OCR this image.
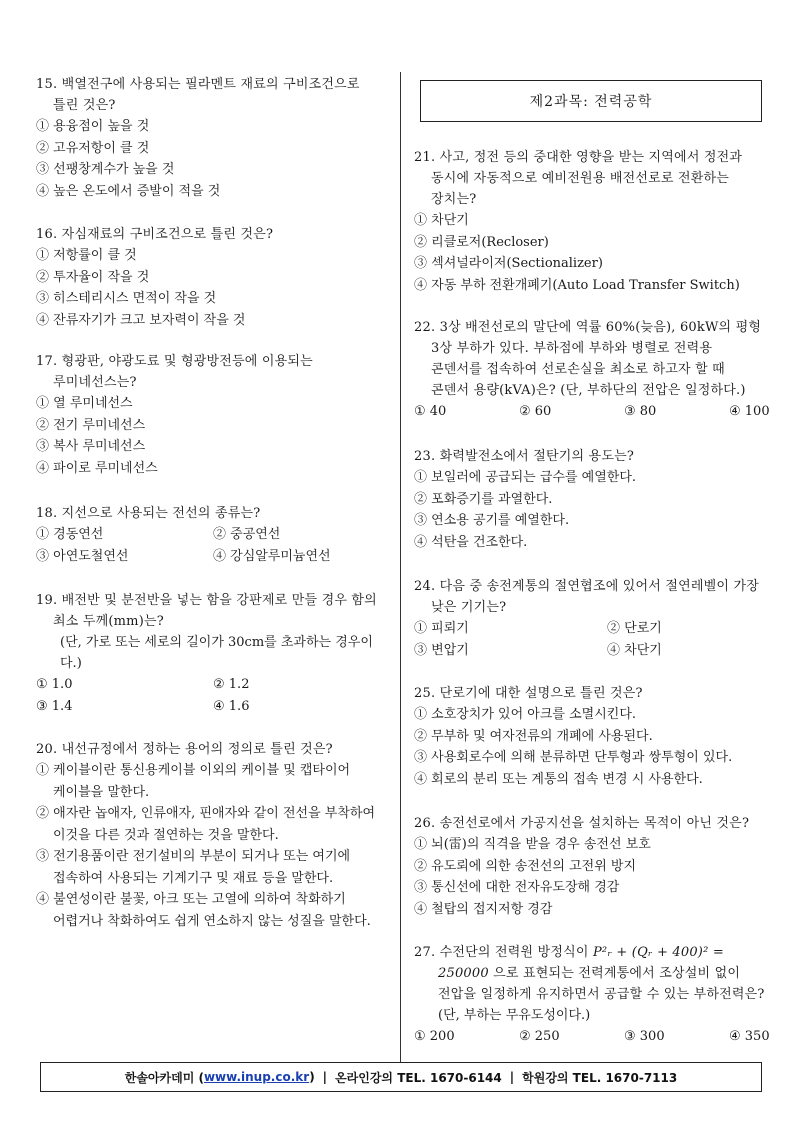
15. 백열전구에 사용되는 필라멘트 재료의 구비조건으로 틀린 것은?
① 용융점이 높을 것
② 고유저항이 클 것
③ 선팽창계수가 높을 것
④ 높은 온도에서 증발이 적을 것
16. 자심재료의 구비조건으로 틀린 것은?
① 저항률이 클 것
② 투자율이 작을 것
③ 히스테리시스 면적이 작을 것
④ 잔류자기가 크고 보자력이 작을 것
17. 형광판, 야광도료 및 형광방전등에 이용되는 루미네선스는?
① 열 루미네선스
② 전기 루미네선스
③ 복사 루미네선스
④ 파이로 루미네선스
18. 지선으로 사용되는 전선의 종류는?
① 경동연선	② 중공연선
③ 아연도철연선	④ 강심알루미늄연선
19. 배전반 및 분전반을 넣는 함을 강판제로 만들 경우 함의 최소 두께(mm)는?
(단, 가로 또는 세로의 길이가 30cm를 초과하는 경우이다.)
① 1.0	② 1.2
③ 1.4	④ 1.6
20. 내선규정에서 정하는 용어의 정의로 틀린 것은?
① 케이블이란 통신용케이블 이외의 케이블 및 캡타이어 케이블을 말한다.
② 애자란 놉애자, 인류애자, 핀애자와 같이 전선을 부착하여 이것을 다른 것과 절연하는 것을 말한다.
③ 전기용품이란 전기설비의 부분이 되거나 또는 여기에 접속하여 사용되는 기계기구 및 재료 등을 말한다.
④ 불연성이란 불꽃, 아크 또는 고열에 의하여 착화하기 어렵거나 착화하여도 쉽게 연소하지 않는 성질을 말한다.
제2과목: 전력공학
21. 사고, 정전 등의 중대한 영향을 받는 지역에서 정전과 동시에 자동적으로 예비전원용 배전선로로 전환하는 장치는?
① 차단기
② 리클로저(Recloser)
③ 섹셔널라이저(Sectionalizer)
④ 자동 부하 전환개폐기(Auto Load Transfer Switch)
22. 3상 배전선로의 말단에 역률 60%(늦음), 60kW의 평형 3상 부하가 있다. 부하점에 부하와 병렬로 전력용 콘덴서를 접속하여 선로손실을 최소로 하고자 할 때 콘덴서 용량(kVA)은? (단, 부하단의 전압은 일정하다.)
① 40	② 60	③ 80	④ 100
23. 화력발전소에서 절탄기의 용도는?
① 보일러에 공급되는 급수를 예열한다.
② 포화증기를 과열한다.
③ 연소용 공기를 예열한다.
④ 석탄을 건조한다.
24. 다음 중 송전계통의 절연협조에 있어서 절연레벨이 가장 낮은 기기는?
① 피뢰기	② 단로기
③ 변압기	④ 차단기
25. 단로기에 대한 설명으로 틀린 것은?
① 소호장치가 있어 아크를 소멸시킨다.
② 무부하 및 여자전류의 개폐에 사용된다.
③ 사용회로수에 의해 분류하면 단투형과 쌍투형이 있다.
④ 회로의 분리 또는 계통의 접속 변경 시 사용한다.
26. 송전선로에서 가공지선을 설치하는 목적이 아닌 것은?
① 뇌(雷)의 직격을 받을 경우 송전선 보호
② 유도뢰에 의한 송전선의 고전위 방지
③ 통신선에 대한 전자유도장해 경감
④ 철탑의 접지저항 경감
27. 수전단의 전력원 방정식이 P²ᵣ + (Qᵣ + 400)² = 250000 으로 표현되는 전력계통에서 조상설비 없이 전압을 일정하게 유지하면서 공급할 수 있는 부하전력은?
(단, 부하는 무유도성이다.)
① 200	② 250	③ 300	④ 350
한솔아카데미 ( www.inup.co.kr ) | 온라인강의 TEL. 1670-6144 | 학원강의 TEL. 1670-7113
